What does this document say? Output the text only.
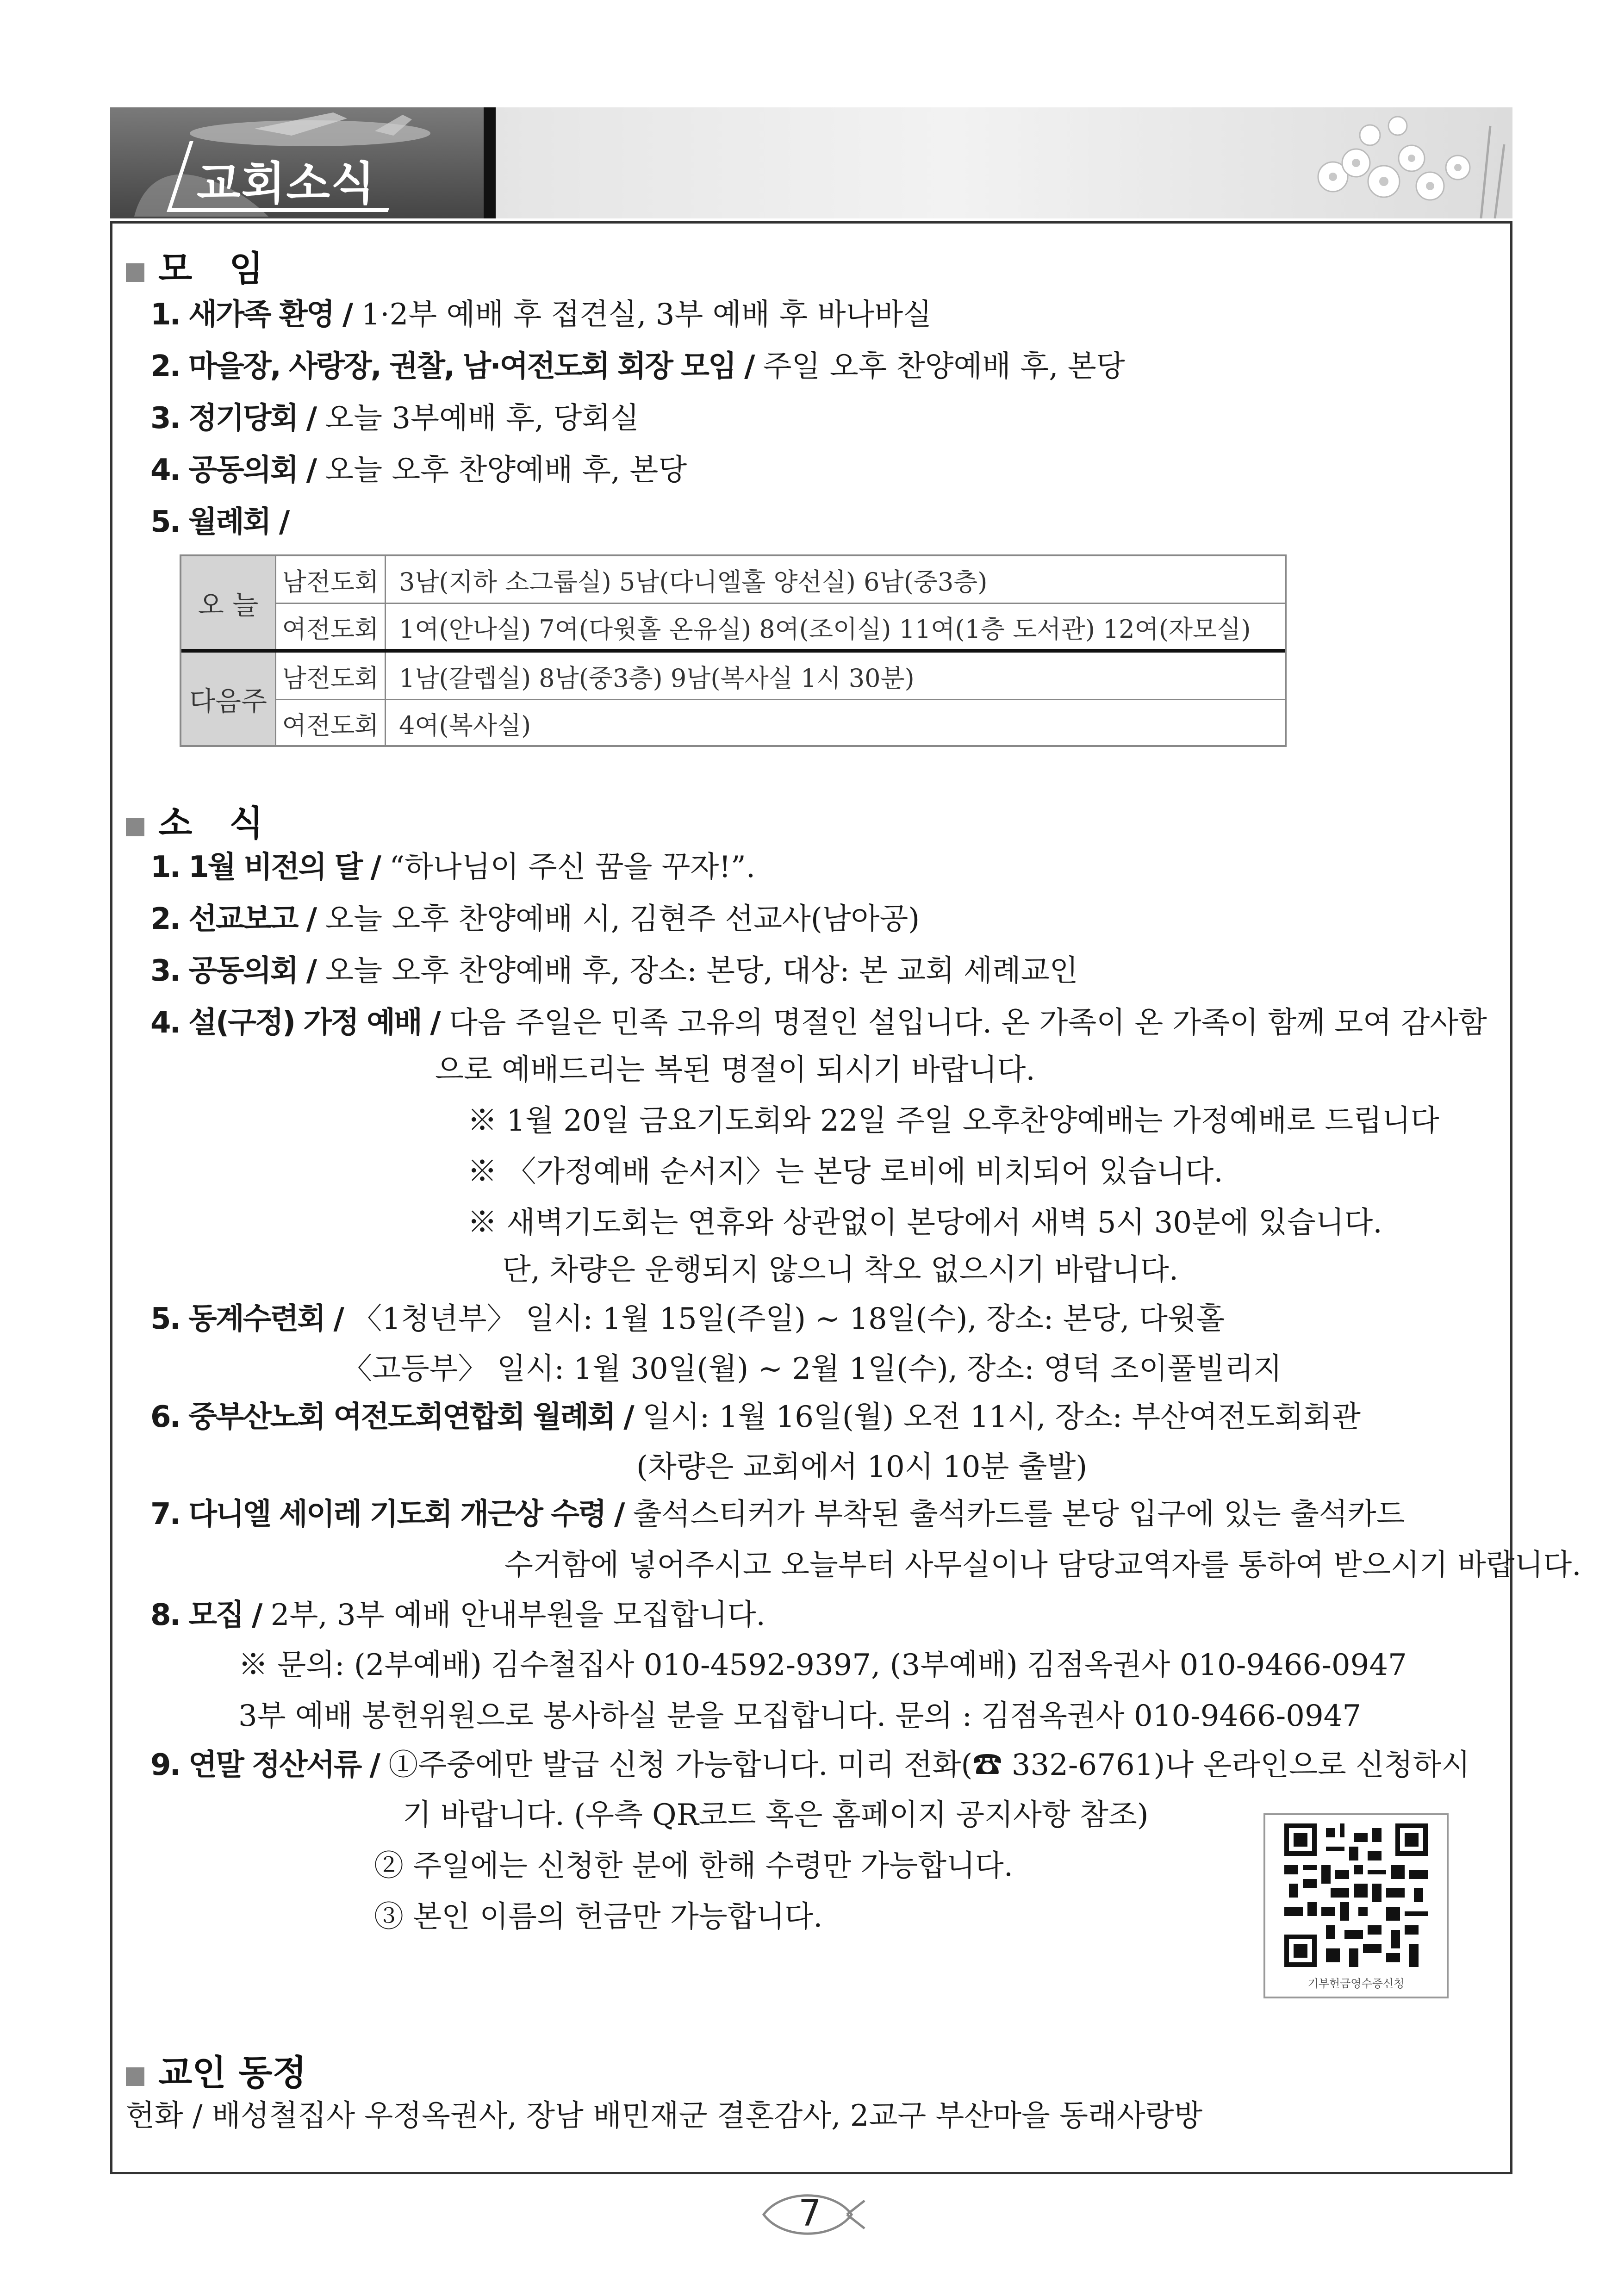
교회소식
모임
1. 새가족 환영 / 1·2부 예배 후 접견실, 3부 예배 후 바나바실
2. 마을장, 사랑장, 권찰, 남·여전도회 회장 모임 / 주일 오후 찬양예배 후, 본당
3. 정기당회 / 오늘 3부예배 후, 당회실
4. 공동의회 / 오늘 오후 찬양예배 후, 본당
5. 월례회 /
오 늘
다음주
남전도회 3남(지하 소그룹실) 5남(다니엘홀 양선실) 6남(중3층)
여전도회 1여(안나실) 7여(다윗홀 온유실) 8여(조이실) 11여(1층 도서관) 12여(자모실)
남전도회 1남(갈렙실) 8남(중3층) 9남(복사실 1시 30분)
여전도회 4여(복사실)
소식
1. 1월 비전의 달 / “하나님이 주신 꿈을 꾸자!”.
2. 선교보고 / 오늘 오후 찬양예배 시, 김현주 선교사(남아공)
3. 공동의회 / 오늘 오후 찬양예배 후, 장소: 본당, 대상: 본 교회 세례교인
4. 설(구정) 가정 예배 / 다음 주일은 민족 고유의 명절인 설입니다. 온 가족이 온 가족이 함께 모여 감사함
으로 예배드리는 복된 명절이 되시기 바랍니다.
※ 1월 20일 금요기도회와 22일 주일 오후찬양예배는 가정예배로 드립니다
※ 〈가정예배 순서지〉는 본당 로비에 비치되어 있습니다.
※ 새벽기도회는 연휴와 상관없이 본당에서 새벽 5시 30분에 있습니다.
단, 차량은 운행되지 않으니 착오 없으시기 바랍니다.
5. 동계수련회 / 〈1청년부〉 일시: 1월 15일(주일) ~ 18일(수), 장소: 본당, 다윗홀
〈고등부〉 일시: 1월 30일(월) ~ 2월 1일(수), 장소: 영덕 조이풀빌리지
6. 중부산노회 여전도회연합회 월례회 / 일시: 1월 16일(월) 오전 11시, 장소: 부산여전도회회관
(차량은 교회에서 10시 10분 출발)
7. 다니엘 세이레 기도회 개근상 수령 / 출석스티커가 부착된 출석카드를 본당 입구에 있는 출석카드
수거함에 넣어주시고 오늘부터 사무실이나 담당교역자를 통하여 받으시기 바랍니다.
8. 모집 / 2부, 3부 예배 안내부원을 모집합니다.
※ 문의: (2부예배) 김수철집사 010-4592-9397, (3부예배) 김점옥권사 010-9466-0947
3부 예배 봉헌위원으로 봉사하실 분을 모집합니다. 문의 : 김점옥권사 010-9466-0947
9. 연말 정산서류 / ①주중에만 발급 신청 가능합니다. 미리 전화(☎ 332-6761)나 온라인으로 신청하시
기 바랍니다. (우측 QR코드 혹은 홈페이지 공지사항 참조)
② 주일에는 신청한 분에 한해 수령만 가능합니다.
③ 본인 이름의 헌금만 가능합니다.
기부헌금영수증신청
교인 동정
헌화 / 배성철집사 우정옥권사, 장남 배민재군 결혼감사, 2교구 부산마을 동래사랑방
7
